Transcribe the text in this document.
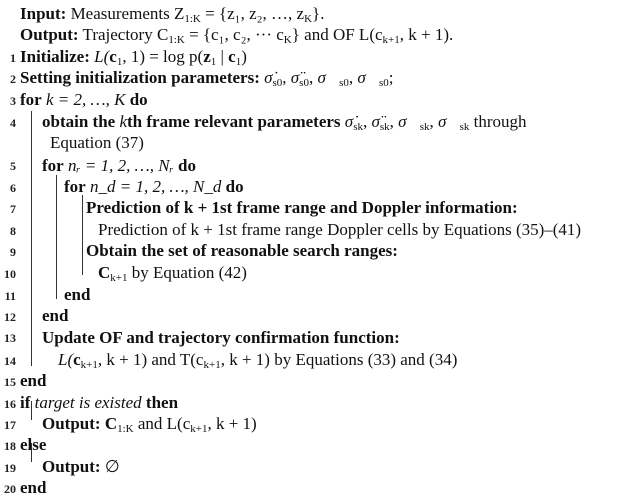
Input: Measurements $Z_{1:K} = \{z_1$, z₂, …, $z_K$}.
Output: Trajectory $C_{1:K} = \{c_1$, c₂, ··· $c_K$} and OF $L(c_{k+1}$, k + 1).
1 Initialize: $L(c_1$, $1) = \log p(z_1$ | $c_1$)
2 Setting initialization parameters: $\sigmȧ_{s0}$, $\sigmä_{s0}$, $\sigma⃛_{s0}$, $\sigma⃜_{s0}$;
3 for k = 2, …, K do
4 obtain the kth frame relevant parameters $\sigmȧ_{sk}$, $\sigmä_{sk}$, $\sigma⃛_{sk}$, $\sigma⃜_{sk}$ through
Equation (37)
5 for nᵣ = 1, 2, …, Nᵣ do
6	for n_d = 1, 2, …, N_d do
7	Prediction of k + 1st frame range and Doppler information:
8	Prediction of k + 1st frame range Doppler cells by Equations (35)–(41)
9	Obtain the set of reasonable search ranges:
10	ˆ $C_{k+1}$ by Equation (42)
11	end
12 end
13 Update OF and trajectory confirmation function:
14 $L(c_{k+1}$, k + 1) and $T(c_{k+1}$, k + 1) by Equations (33) and (34)
15 end
16 if target is existed then
17 Output: $C_{1:K}$ and $L(c_{k+1}$, k + 1)
18 else
19 Output: ∅
20 end
